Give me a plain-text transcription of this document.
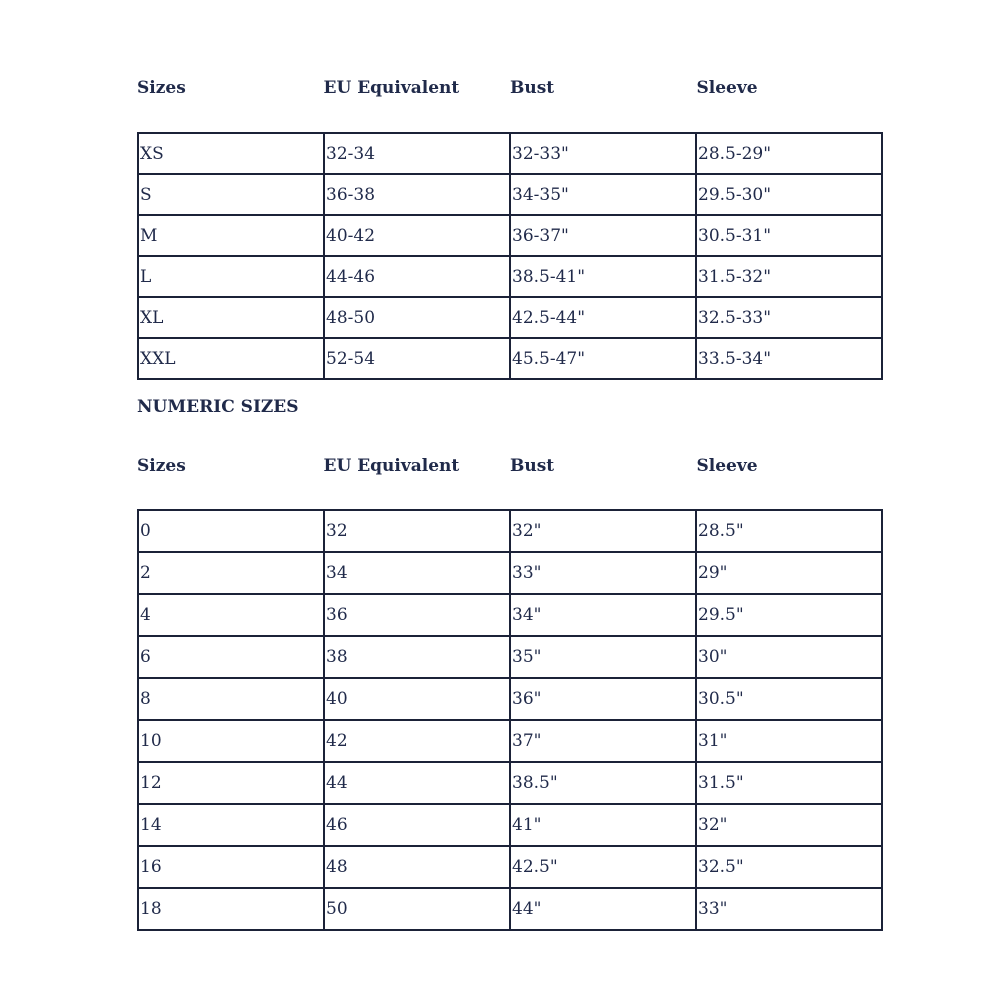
Sizes	EU Equivalent	Bust	Sleeve
XS	32-34	32-33"	28.5-29"
S	36-38	34-35"	29.5-30"
M	40-42	36-37"	30.5-31"
L	44-46	38.5-41"	31.5-32"
XL	48-50	42.5-44"	32.5-33"
XXL	52-54	45.5-47"	33.5-34"
NUMERIC SIZES
Sizes	EU Equivalent	Bust	Sleeve
0	32	32"	28.5"
2	34	33"	29"
4	36	34"	29.5"
6	38	35"	30"
8	40	36"	30.5"
10	42	37"	31"
12	44	38.5"	31.5"
14	46	41"	32"
16	48	42.5"	32.5"
18	50	44"	33"
